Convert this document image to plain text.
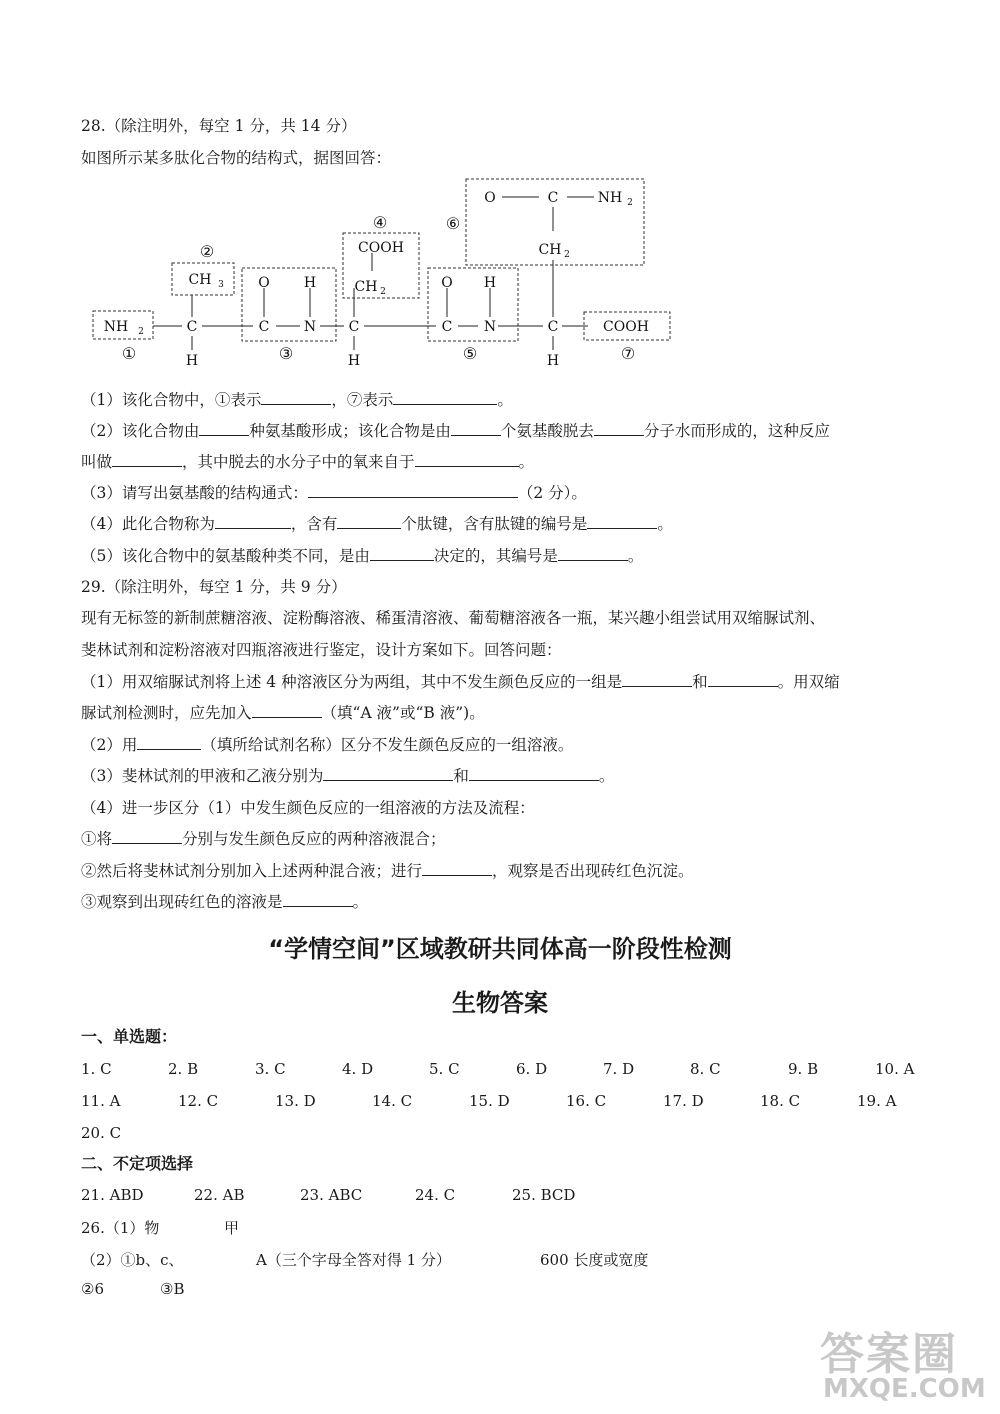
28.（除注明外，每空 1 分，共 14 分）
如图所示某多肽化合物的结构式，据图回答：
NH 2
CH 3
COOH
CH 2
O	C	NH 2
CH 2
COOH
C	C N C	C N	C
O H	O H
H	H	H
①
②
③
④
⑤
⑥
⑦
（1）该化合物中，①表示	，⑦表示	。
（2）该化合物由	种氨基酸形成；该化合物是由	个氨基酸脱去	分子水而形成的，这种反应
叫做	，其中脱去的水分子中的氧来自于	。
（3）请写出氨基酸的结构通式：	（2 分）。
（4）此化合物称为	，含有	个肽键，含有肽键的编号是	。
（5）该化合物中的氨基酸种类不同，是由	决定的，其编号是	。
29.（除注明外，每空 1 分，共 9 分）
现有无标签的新制蔗糖溶液、淀粉酶溶液、稀蛋清溶液、葡萄糖溶液各一瓶，某兴趣小组尝试用双缩脲试剂、
斐林试剂和淀粉溶液对四瓶溶液进行鉴定，设计方案如下。回答问题：
（1）用双缩脲试剂将上述 4 种溶液区分为两组，其中不发生颜色反应的一组是	和	。用双缩
脲试剂检测时，应先加入	（填“A 液”或“B 液”)。
（2）用	（填所给试剂名称）区分不发生颜色反应的一组溶液。
（3）斐林试剂的甲液和乙液分别为	和	。
（4）进一步区分（1）中发生颜色反应的一组溶液的方法及流程：
①将	分别与发生颜色反应的两种溶液混合；
②然后将斐林试剂分别加入上述两种混合液；进行	，观察是否出现砖红色沉淀。
③观察到出现砖红色的溶液是	。
“学情空间”区域教研共同体高一阶段性检测
生物答案
一、单选题：
1. C	2. B	3. C	4. D	5. C	6. D	7. D	8. C	9. B	10. A
11. A	12. C	13. D	14. C	15. D	16. C	17. D	18. C	19. A
20. C
二、不定项选择
21. ABD	22. AB	23. ABC	24. C	25. BCD
26.（1）物	甲
（2）①b、c、	A（三个字母全答对得 1 分）	600 长度或宽度
②6	③B
答案圈
MXQE.COM
